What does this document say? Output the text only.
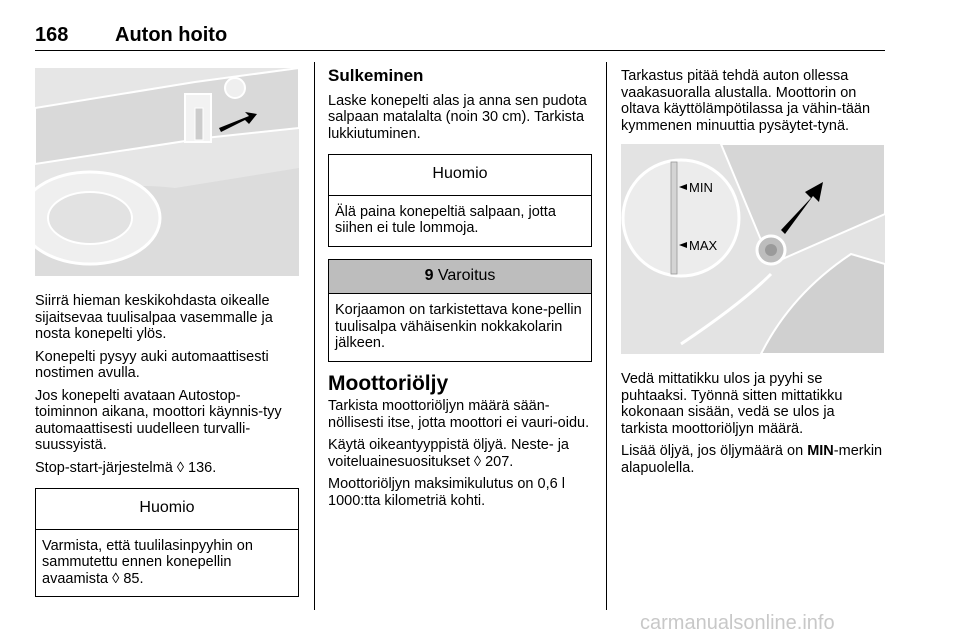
168 Auton hoito

Siirrä hieman keskikohdasta oikealle sijaitsevaa tuulisalpaa vasemmalle ja nosta konepelti ylös.

Konepelti pysyy auki automaattisesti nostimen avulla.

Jos konepelti avataan Autostop-toiminnon aikana, moottori käynnis-tyy automaattisesti uudelleen turvalli-suussyistä.

Stop-start-järjestelmä ◊ 136.

Huomio
Varmista, että tuulilasinpyyhin on sammutettu ennen konepellin avaamista ◊ 85.
Sulkeminen

Laske konepelti alas ja anna sen pudota salpaan matalalta (noin 30 cm). Tarkista lukkiutuminen.

Huomio
Älä paina konepeltiä salpaan, jotta siihen ei tule lommoja.
9 Varoitus
Korjaamon on tarkistettava kone-pellin tuulisalpa vähäisenkin nokkakolarin jälkeen.
Moottoriöljy

Tarkista moottoriöljyn määrä sään-nöllisesti itse, jotta moottori ei vauri-oidu.

Käytä oikeantyyppistä öljyä. Neste- ja voiteluainesuositukset ◊ 207.

Moottoriöljyn maksimikulutus on 0,6 l 1000:tta kilometriä kohti.

Tarkastus pitää tehdä auton ollessa vaakasuoralla alustalla. Moottorin on oltava käyttölämpötilassa ja vähin-tään kymmenen minuuttia pysäytet-tynä.

MIN
MAX

Vedä mittatikku ulos ja pyyhi se puhtaaksi. Työnnä sitten mittatikku kokonaan sisään, vedä se ulos ja tarkista moottoriöljyn määrä.

Lisää öljyä, jos öljymäärä on MIN-merkin alapuolella.

carmanualsonline.info
